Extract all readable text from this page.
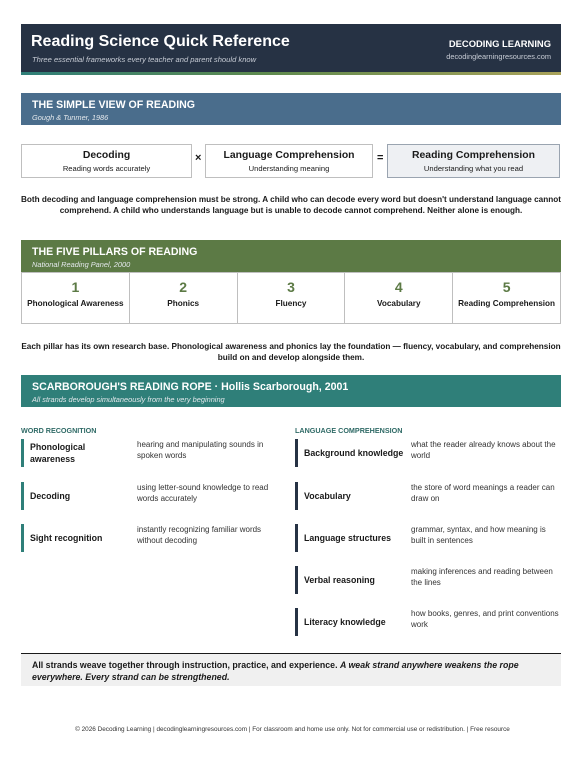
Reading Science Quick Reference
Three essential frameworks every teacher and parent should know
DECODING LEARNING
decodinglearningresources.com
THE SIMPLE VIEW OF READING
Gough & Tunmer, 1986
Decoding
Reading words accurately
×	Language Comprehension
Understanding meaning
=	Reading Comprehension
Understanding what you read
Both decoding and language comprehension must be strong. A child who can decode every word but doesn't understand language cannot comprehend. A child who understands language but is unable to decode cannot comprehend. Neither alone is enough.
THE FIVE PILLARS OF READING
National Reading Panel, 2000
1
Phonological Awareness
2
Phonics
3
Fluency
4
Vocabulary
5
Reading Comprehension
Each pillar has its own research base. Phonological awareness and phonics lay the foundation — fluency, vocabulary, and comprehension build on and develop alongside them.
SCARBOROUGH'S READING ROPE · Hollis Scarborough, 2001
All strands develop simultaneously from the very beginning
WORD RECOGNITION	LANGUAGE COMPREHENSION
Phonological awareness
hearing and manipulating sounds in spoken words
Decoding
using letter-sound knowledge to read words accurately
Sight recognition
instantly recognizing familiar words without decoding
Background knowledge
what the reader already knows about the world
Vocabulary
the store of word meanings a reader can draw on
Language structures
grammar, syntax, and how meaning is built in sentences
Verbal reasoning
making inferences and reading between the lines
Literacy knowledge
how books, genres, and print conventions work
All strands weave together through instruction, practice, and experience. A weak strand anywhere weakens the rope everywhere. Every strand can be strengthened.
© 2026 Decoding Learning | decodinglearningresources.com | For classroom and home use only. Not for commercial use or redistribution. | Free resource
